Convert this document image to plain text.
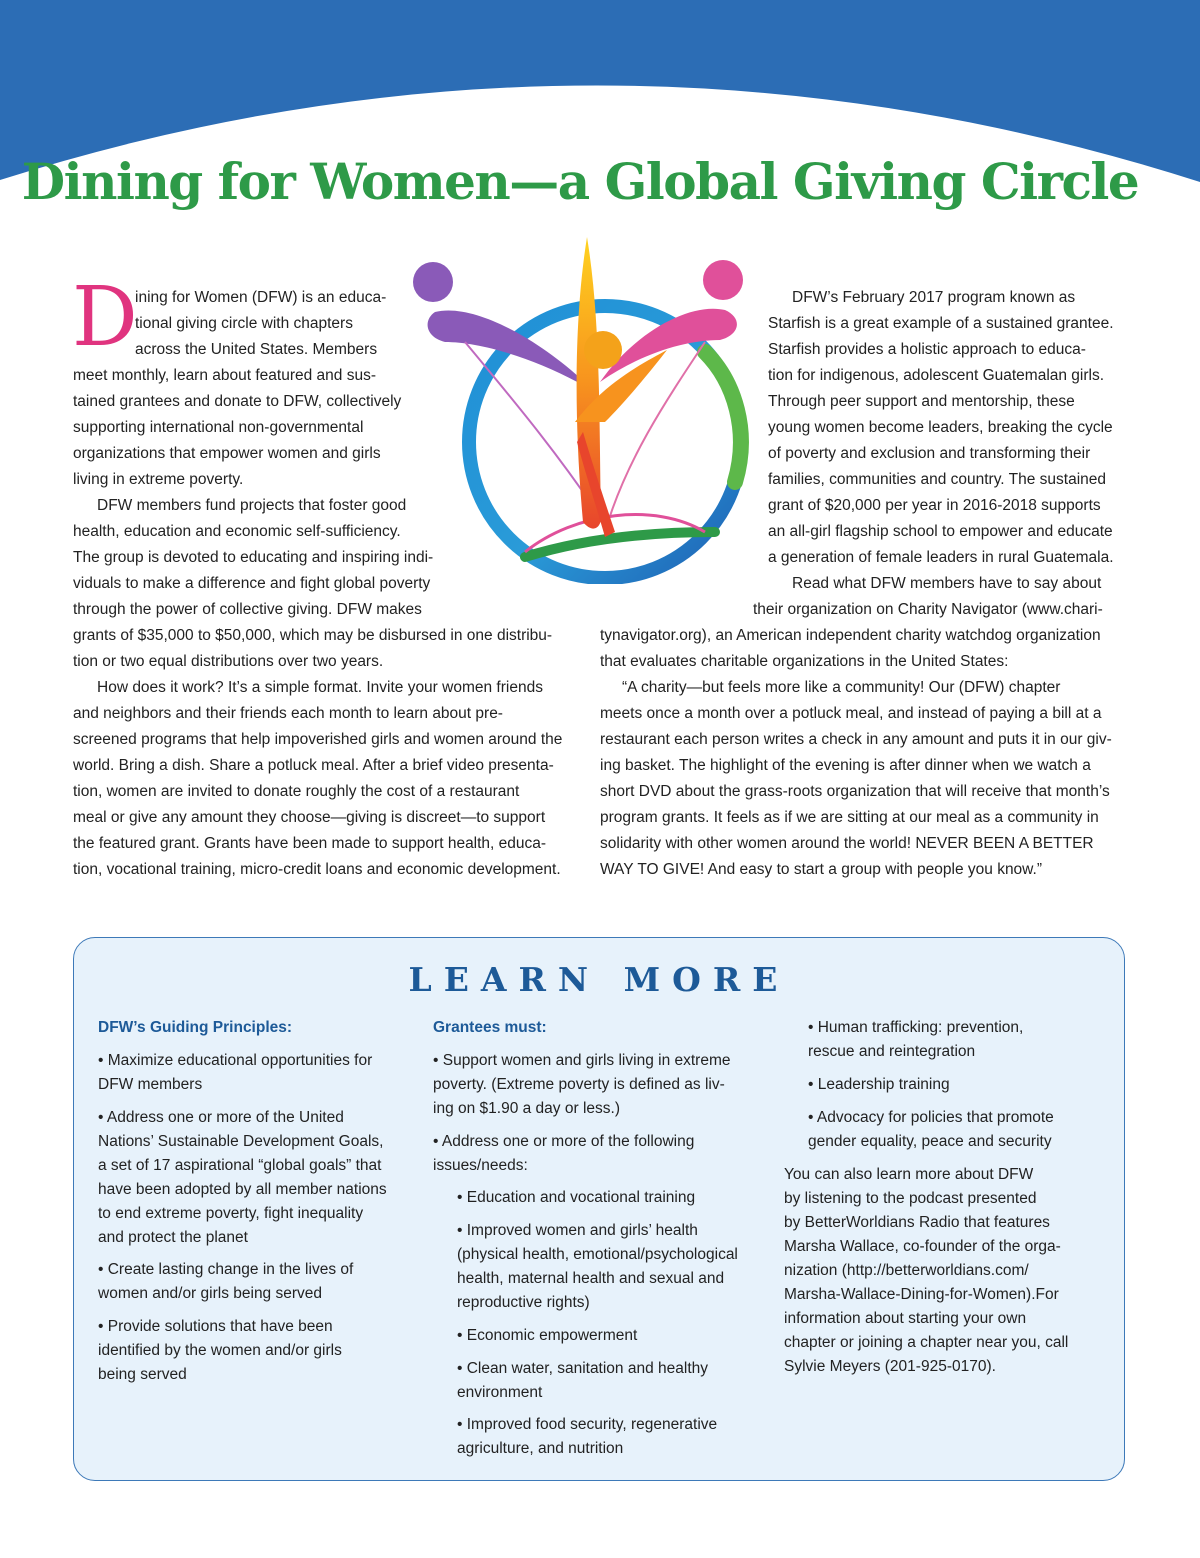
Dining for Women—a Global Giving Circle

D

ining for Women (DFW) is an educa-

tional giving circle with chapters

across the United States. Members

meet monthly, learn about featured and sus-

tained grantees and donate to DFW, collectively

supporting international non-governmental

organizations that empower women and girls

living in extreme poverty.

DFW members fund projects that foster good

health, education and economic self-sufficiency.

The group is devoted to educating and inspiring indi-

viduals to make a difference and fight global poverty

through the power of collective giving. DFW makes

grants of $35,000 to $50,000, which may be disbursed in one distribu-

tion or two equal distributions over two years.

How does it work? It’s a simple format. Invite your women friends

and neighbors and their friends each month to learn about pre-

screened programs that help impoverished girls and women around the

world. Bring a dish. Share a potluck meal. After a brief video presenta-

tion, women are invited to donate roughly the cost of a restaurant

meal or give any amount they choose—giving is discreet—to support

the featured grant. Grants have been made to support health, educa-

tion, vocational training, micro-credit loans and economic development.

DFW’s February 2017 program known as

Starfish is a great example of a sustained grantee.

Starfish provides a holistic approach to educa-

tion for indigenous, adolescent Guatemalan girls.

Through peer support and mentorship, these

young women become leaders, breaking the cycle

of poverty and exclusion and transforming their

families, communities and country. The sustained

grant of $20,000 per year in 2016-2018 supports

an all-girl flagship school to empower and educate

a generation of female leaders in rural Guatemala.

Read what DFW members have to say about

their organization on Charity Navigator (www.chari-

tynavigator.org), an American independent charity watchdog organization

that evaluates charitable organizations in the United States:

“A charity—but feels more like a community! Our (DFW) chapter

meets once a month over a potluck meal, and instead of paying a bill at a

restaurant each person writes a check in any amount and puts it in our giv-

ing basket. The highlight of the evening is after dinner when we watch a

short DVD about the grass-roots organization that will receive that month’s

program grants. It feels as if we are sitting at our meal as a community in

solidarity with other women around the world! NEVER BEEN A BETTER

WAY TO GIVE! And easy to start a group with people you know.”

LEARN MORE

DFW’s Guiding Principles:

• Maximize educational opportunities for

DFW members

• Address one or more of the United

Nations’ Sustainable Development Goals,

a set of 17 aspirational “global goals” that

have been adopted by all member nations

to end extreme poverty, fight inequality

and protect the planet

• Create lasting change in the lives of

women and/or girls being served

• Provide solutions that have been

identified by the women and/or girls

being served

Grantees must:

• Support women and girls living in extreme

poverty. (Extreme poverty is defined as liv-

ing on $1.90 a day or less.)

• Address one or more of the following

issues/needs:

• Education and vocational training

• Improved women and girls’ health

(physical health, emotional/psychological

health, maternal health and sexual and

reproductive rights)

• Economic empowerment

• Clean water, sanitation and healthy

environment

• Improved food security, regenerative

agriculture, and nutrition

• Human trafficking: prevention,

rescue and reintegration

• Leadership training

• Advocacy for policies that promote

gender equality, peace and security

You can also learn more about DFW

by listening to the podcast presented

by BetterWorldians Radio that features

Marsha Wallace, co-founder of the orga-

nization (http://betterworldians.com/

Marsha-Wallace-Dining-for-Women).For

information about starting your own

chapter or joining a chapter near you, call

Sylvie Meyers (201-925-0170).
